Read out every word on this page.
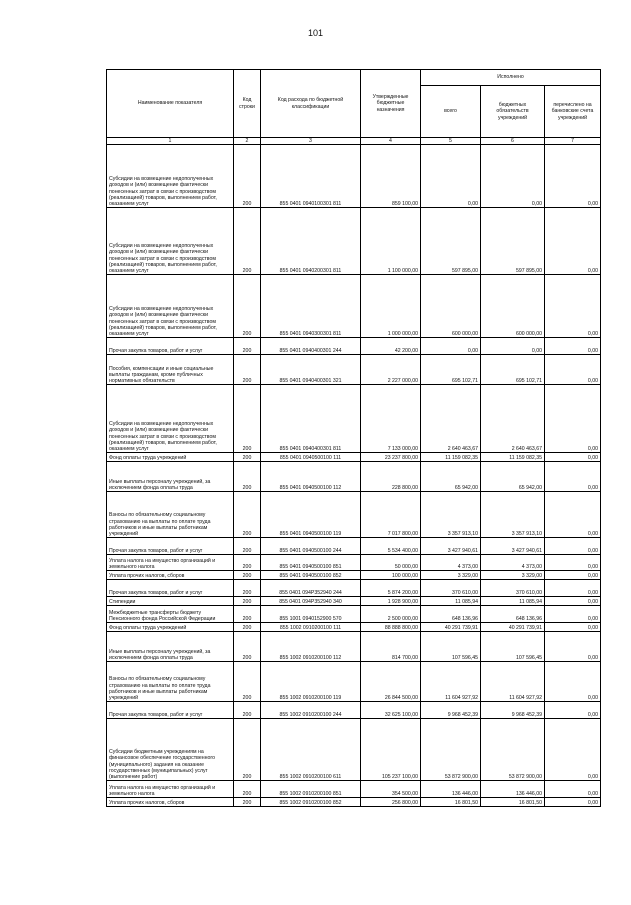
101
Наименование показателя	Код строки	Код расхода по бюджетной классификации	Утвержденные бюджетные назначения	Исполнено		
				всего	бюджетных обязательств учреждений	перечислено на банковские счета учреждений
1	2	3	4	5	6	7
Субсидии на возмещение недополученных доходов и (или) возмещение фактически понесенных затрат в связи с производством (реализацией) товаров, выполнением работ, оказанием услуг	200	855 0401 0940100301 811	859 100,00	0,00	0,00	0,00
Субсидии на возмещение недополученных доходов и (или) возмещение фактически понесенных затрат в связи с производством (реализацией) товаров, выполнением работ, оказанием услуг	200	855 0401 0940200301 811	1 100 000,00	597 895,00	597 895,00	0,00
Субсидии на возмещение недополученных доходов и (или) возмещение фактически понесенных затрат в связи с производством (реализацией) товаров, выполнением работ, оказанием услуг	200	855 0401 0940300301 811	1 000 000,00	600 000,00	600 000,00	0,00
Прочая закупка товаров, работ и услуг	200	855 0401 0940400301 244	42 200,00	0,00	0,00	0,00
Пособия, компенсации и иные социальные выплаты гражданам, кроме публичных нормативных обязательств	200	855 0401 0940400301 321	2 227 000,00	695 102,71	695 102,71	0,00
Субсидии на возмещение недополученных доходов и (или) возмещение фактически понесенных затрат в связи с производством (реализацией) товаров, выполнением работ, оказанием услуг	200	855 0401 0940400301 811	7 133 000,00	2 640 463,67	2 640 463,67	0,00
Фонд оплаты труда учреждений	200	855 0401 0940500100 111	23 237 800,00	11 159 082,35	11 159 082,35	0,00
Иные выплаты персоналу учреждений, за исключением фонда оплаты труда	200	855 0401 0940500100 112	228 800,00	65 942,00	65 942,00	0,00
Взносы по обязательному социальному страхованию на выплаты по оплате труда работников и иные выплаты работникам учреждений	200	855 0401 0940500100 119	7 017 800,00	3 357 913,10	3 357 913,10	0,00
Прочая закупка товаров, работ и услуг	200	855 0401 0940500100 244	5 534 400,00	3 427 940,61	3 427 940,61	0,00
Уплата налога на имущество организаций и земельного налога	200	855 0401 0940500100 851	50 000,00	4 373,00	4 373,00	0,00
Уплата прочих налогов, сборов	200	855 0401 0940500100 852	100 000,00	3 329,00	3 329,00	0,00
Прочая закупка товаров, работ и услуг	200	855 0401 094P352940 244	5 874 200,00	370 610,00	370 610,00	0,00
Стипендии	200	855 0401 094P352940 340	1 928 900,00	11 085,94	11 085,94	0,00
Межбюджетные трансферты бюджету Пенсионного фонда Российской Федерации	200	855 1001 0940152900 570	2 500 000,00	648 136,96	648 136,96	0,00
Фонд оплаты труда учреждений	200	855 1002 0910200100 111	88 888 800,00	40 291 739,91	40 291 739,91	0,00
Иные выплаты персоналу учреждений, за исключением фонда оплаты труда	200	855 1002 0910200100 112	814 700,00	107 596,45	107 596,45	0,00
Взносы по обязательному социальному страхованию на выплаты по оплате труда работников и иные выплаты работникам учреждений	200	855 1002 0910200100 119	26 844 500,00	11 604 927,92	11 604 927,92	0,00
Прочая закупка товаров, работ и услуг	200	855 1002 0910200100 244	32 625 100,00	9 968 452,39	9 968 452,39	0,00
Субсидии бюджетным учреждениям на финансовое обеспечение государственного (муниципального) задания на оказание государственных (муниципальных) услуг (выполнение работ)	200	855 1002 0910200100 611	105 237 100,00	53 872 900,00	53 872 900,00	0,00
Уплата налога на имущество организаций и земельного налога	200	855 1002 0910200100 851	354 500,00	136 446,00	136 446,00	0,00
Уплата прочих налогов, сборов	200	855 1002 0910200100 852	256 800,00	16 801,50	16 801,50	0,00
